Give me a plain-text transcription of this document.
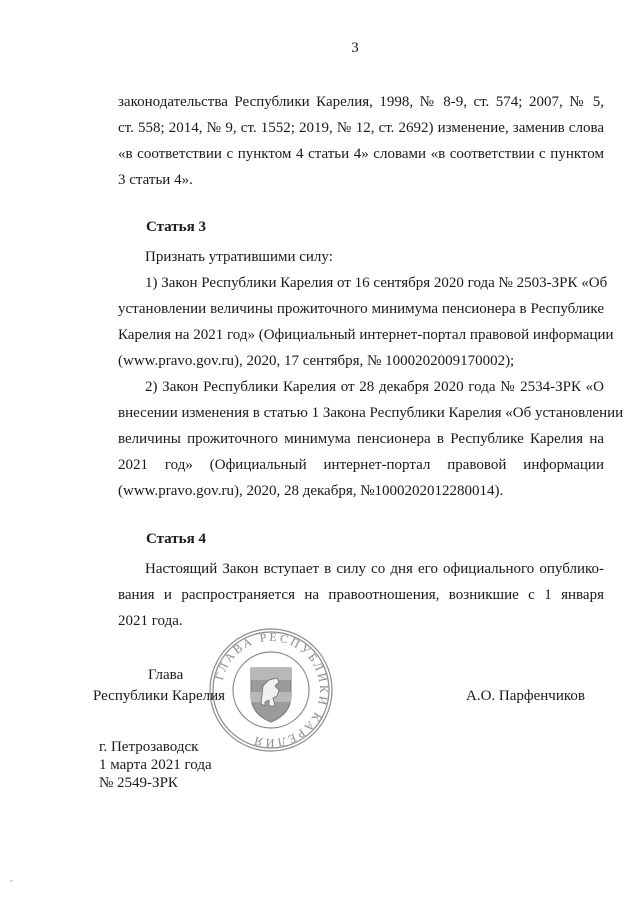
3
законодательства Республики Карелия, 1998, № 8-9, ст. 574; 2007, № 5,
ст. 558; 2014, № 9, ст. 1552; 2019, № 12, ст. 2692) изменение, заменив слова
«в соответствии с пунктом 4 статьи 4» словами «в соответствии с пунктом
3 статьи 4».
Статья 3
Признать утратившими силу:
1) Закон Республики Карелия от 16 сентября 2020 года № 2503-ЗРК «Об
установлении величины прожиточного минимума пенсионера в Республике
Карелия на 2021 год» (Официальный интернет-портал правовой информации
(www.pravo.gov.ru), 2020, 17 сентября, № 1000202009170002);
2) Закон Республики Карелия от 28 декабря 2020 года № 2534-ЗРК «О
внесении изменения в статью 1 Закона Республики Карелия «Об установлении
величины прожиточного минимума пенсионера в Республике Карелия на
2021 год» (Официальный интернет-портал правовой информации
(www.pravo.gov.ru), 2020, 28 декабря, №1000202012280014).
Статья 4
Настоящий Закон вступает в силу со дня его официального опублико-
вания и распространяется на правоотношения, возникшие с 1 января
2021 года.
ГЛАВА РЕСПУБЛИКИ КАРЕЛИЯ
Глава
Республики Карелия	А.О. Парфенчиков
г. Петрозаводск
1 марта 2021 года
№ 2549-ЗРК
